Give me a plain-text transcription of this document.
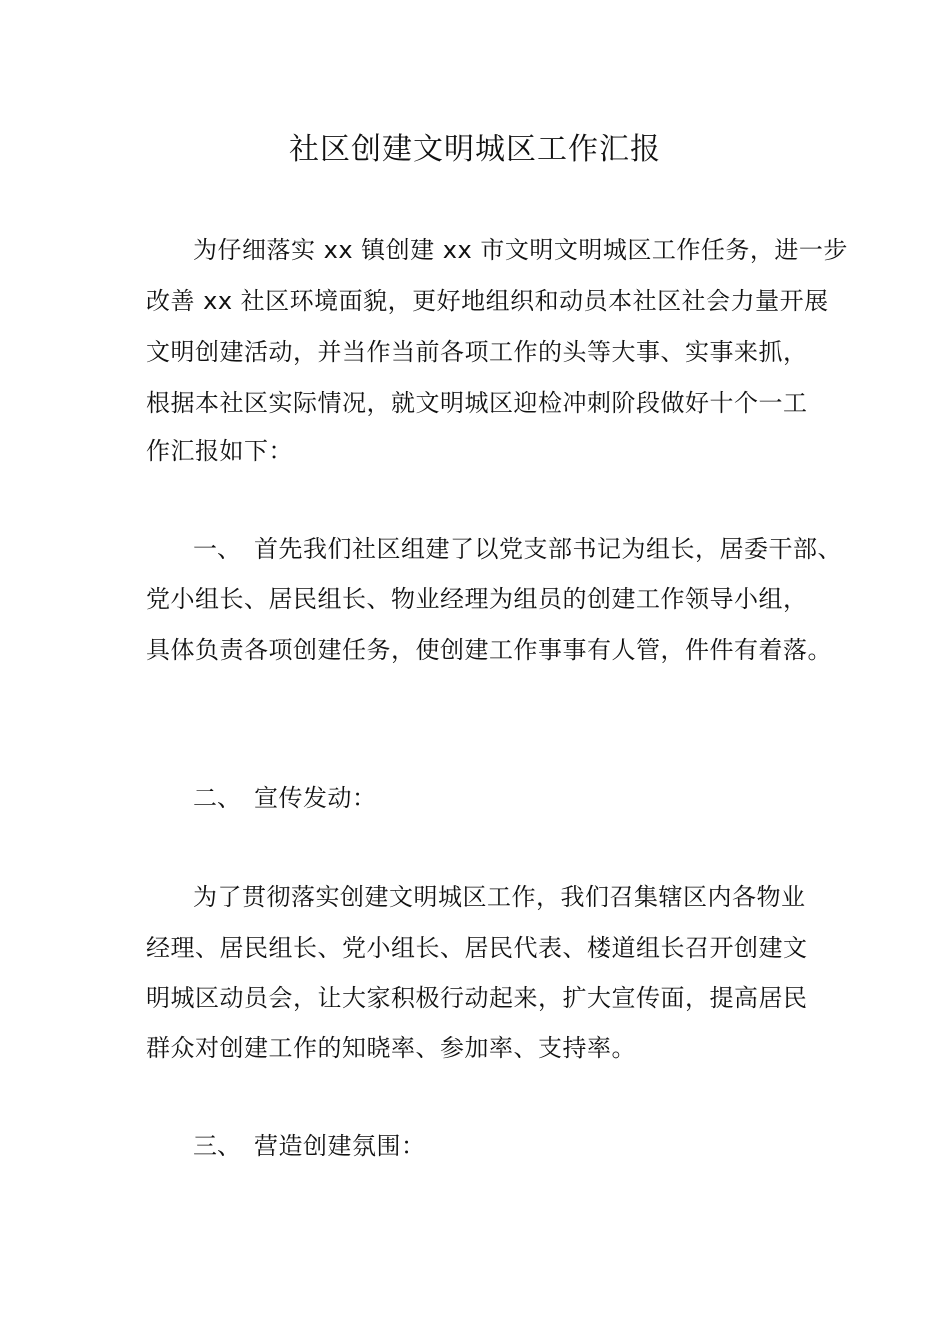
社区创建文明城区工作汇报
为仔细落实 xx 镇创建 xx 市文明文明城区工作任务，进一步
改善 xx 社区环境面貌，更好地组织和动员本社区社会力量开展
文明创建活动，并当作当前各项工作的头等大事、实事来抓，
根据本社区实际情况，就文明城区迎检冲刺阶段做好十个一工
作汇报如下：
一、 首先我们社区组建了以党支部书记为组长，居委干部、
党小组长、居民组长、物业经理为组员的创建工作领导小组，
具体负责各项创建任务，使创建工作事事有人管，件件有着落。
二、 宣传发动：
为了贯彻落实创建文明城区工作，我们召集辖区内各物业
经理、居民组长、党小组长、居民代表、楼道组长召开创建文
明城区动员会，让大家积极行动起来，扩大宣传面，提高居民
群众对创建工作的知晓率、参加率、支持率。
三、 营造创建氛围：
